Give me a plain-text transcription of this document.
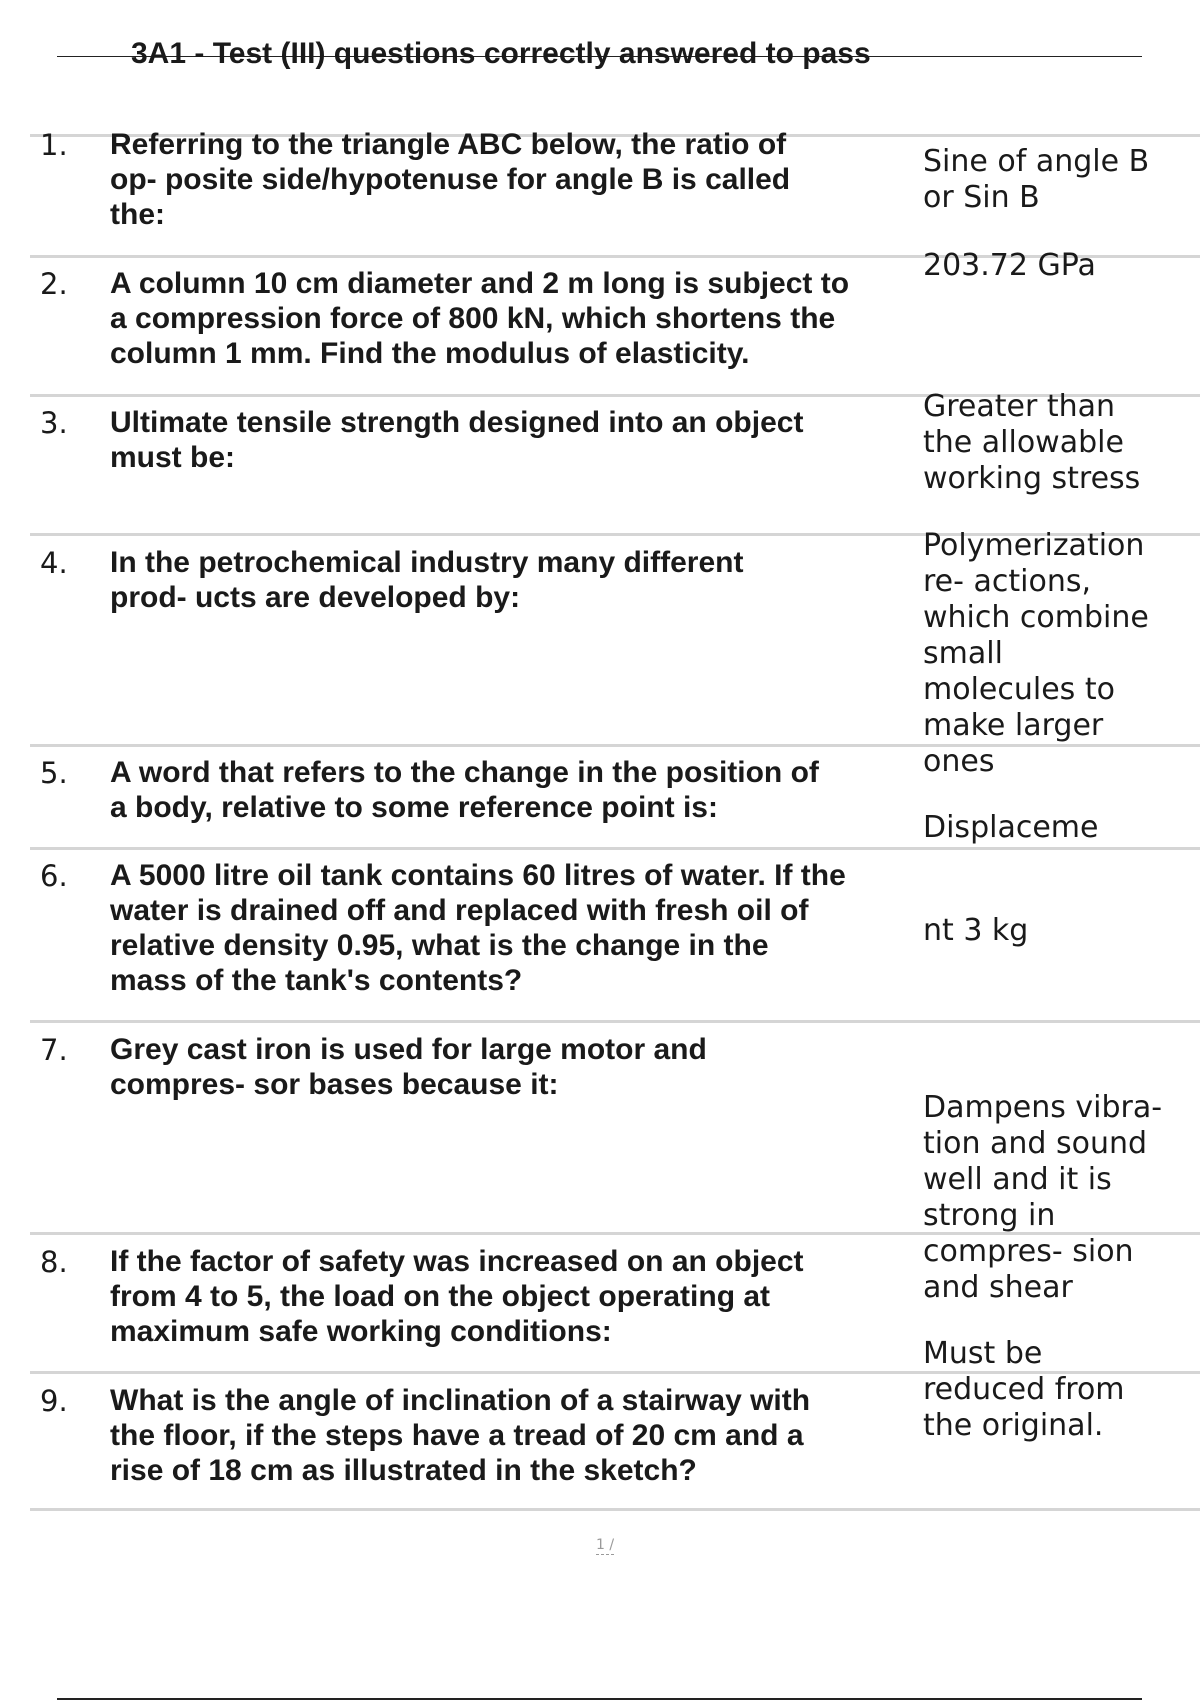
3A1 - Test (III) questions correctly answered to pass
1. Referring to the triangle ABC below, the ratio of
op- posite side/hypotenuse for angle B is called
the:
2. A column 10 cm diameter and 2 m long is subject to
a compression force of 800 kN, which shortens the
column 1 mm. Find the modulus of elasticity.
3. Ultimate tensile strength designed into an object
must be:
4. In the petrochemical industry many different
prod- ucts are developed by:
5. A word that refers to the change in the position of
a body, relative to some reference point is:
6. A 5000 litre oil tank contains 60 litres of water. If the
water is drained off and replaced with fresh oil of
relative density 0.95, what is the change in the
mass of the tank's contents?
7. Grey cast iron is used for large motor and
compres- sor bases because it:
8. If the factor of safety was increased on an object
from 4 to 5, the load on the object operating at
maximum safe working conditions:
9. What is the angle of inclination of a stairway with
the floor, if the steps have a tread of 20 cm and a
rise of 18 cm as illustrated in the sketch?
Sine of angle B
or Sin B
203.72 GPa
Greater than
the allowable
working stress
Polymerization
re- actions,
which combine
small
molecules to
make larger
ones
Displaceme
nt 3 kg
Dampens vibra-
tion and sound
well and it is
strong in
compres- sion
and shear
Must be
reduced from
the original.
1 /
